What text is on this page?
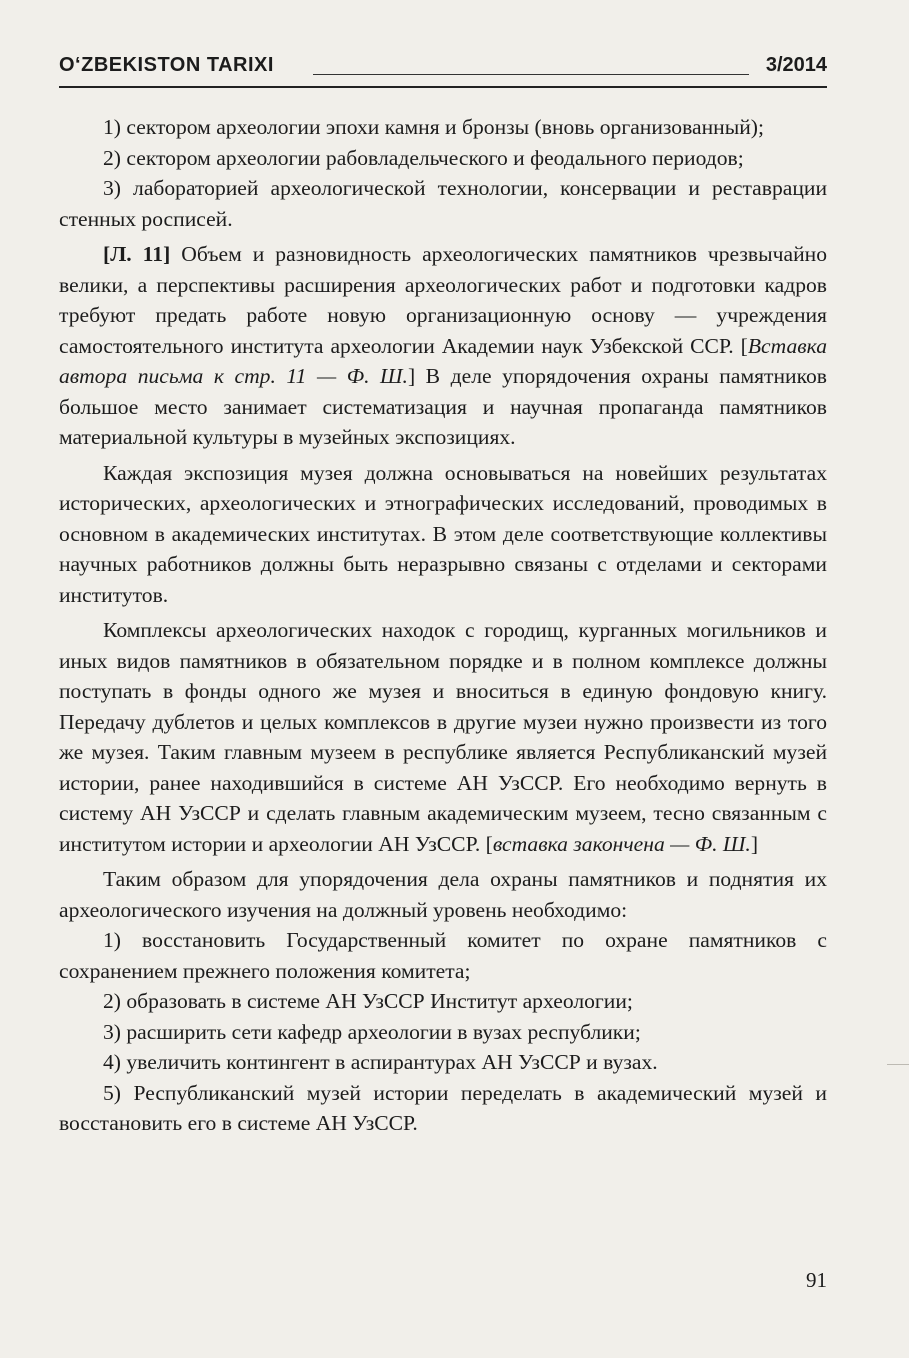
O‘ZBEKISTON TARIXI	3/2014

1) сектором археологии эпохи камня и бронзы (вновь организованный);

2) сектором археологии рабовладельческого и феодального периодов;

3) лабораторией археологической технологии, консервации и реставрации стенных росписей.

[Л. 11] Объем и разновидность археологических памятников чрезвычайно велики, а перспективы расширения археологических работ и подготовки кадров требуют предать работе новую организационную основу — учреждения самостоятельного института археологии Академии наук Узбекской ССР. [Вставка автора письма к стр. 11 — Ф. Ш.] В деле упорядочения охраны памятников большое место занимает систематизация и научная пропаганда памятников материальной культуры в музейных экспозициях.

Каждая экспозиция музея должна основываться на новейших результатах исторических, археологических и этнографических исследований, проводимых в основном в академических институтах. В этом деле соответствующие коллективы научных работников должны быть неразрывно связаны с отделами и секторами институтов.

Комплексы археологических находок с городищ, курганных могильников и иных видов памятников в обязательном порядке и в полном комплексе должны поступать в фонды одного же музея и вноситься в единую фондовую книгу. Передачу дублетов и целых комплексов в другие музеи нужно произвести из того же музея. Таким главным музеем в республике является Республиканский музей истории, ранее находившийся в системе АН УзССР. Его необходимо вернуть в систему АН УзССР и сделать главным академическим музеем, тесно связанным с институтом истории и археологии АН УзССР. [вставка закончена — Ф. Ш.]

Таким образом для упорядочения дела охраны памятников и поднятия их археологического изучения на должный уровень необходимо:

1) восстановить Государственный комитет по охране памятников с сохранением прежнего положения комитета;

2) образовать в системе АН УзССР Институт археологии;

3) расширить сети кафедр археологии в вузах республики;

4) увеличить контингент в аспирантурах АН УзССР и вузах.

5) Республиканский музей истории переделать в академический музей и восстановить его в системе АН УзССР.

91
